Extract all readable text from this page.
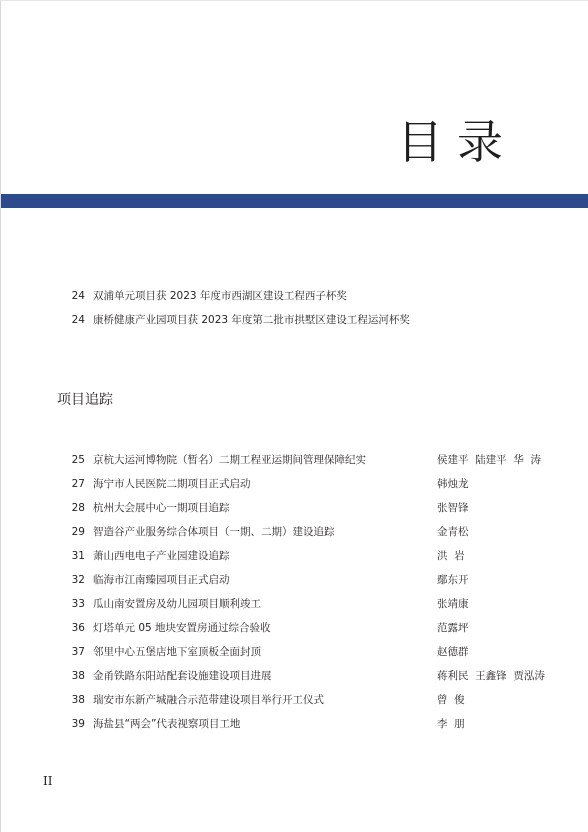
目录
24 双浦单元项目获 2023 年度市西湖区建设工程西子杯奖
24 康桥健康产业园项目获 2023 年度第二批市拱墅区建设工程运河杯奖
项目追踪
25 京杭大运河博物院（暂名）二期工程亚运期间管理保障纪实	侯建平  陆建平  华  涛
27 海宁市人民医院二期项目正式启动	韩烛龙
28 杭州大会展中心一期项目追踪	张智锋
29 智造谷产业服务综合体项目（一期、二期）建设追踪	金青松
31 萧山西电电子产业园建设追踪	洪  岩
32 临海市江南臻园项目正式启动	鄢东开
33 瓜山南安置房及幼儿园项目顺利竣工	张靖康
36 灯塔单元 05 地块安置房通过综合验收	范露坪
37 邻里中心五堡店地下室顶板全面封顶	赵德群
38 金甬铁路东阳站配套设施建设项目进展	蒋利民  王鑫锋  贾泓涛
38 瑞安市东新产城融合示范带建设项目举行开工仪式	曾  俊
39 海盐县“两会”代表视察项目工地	李  朋
II
